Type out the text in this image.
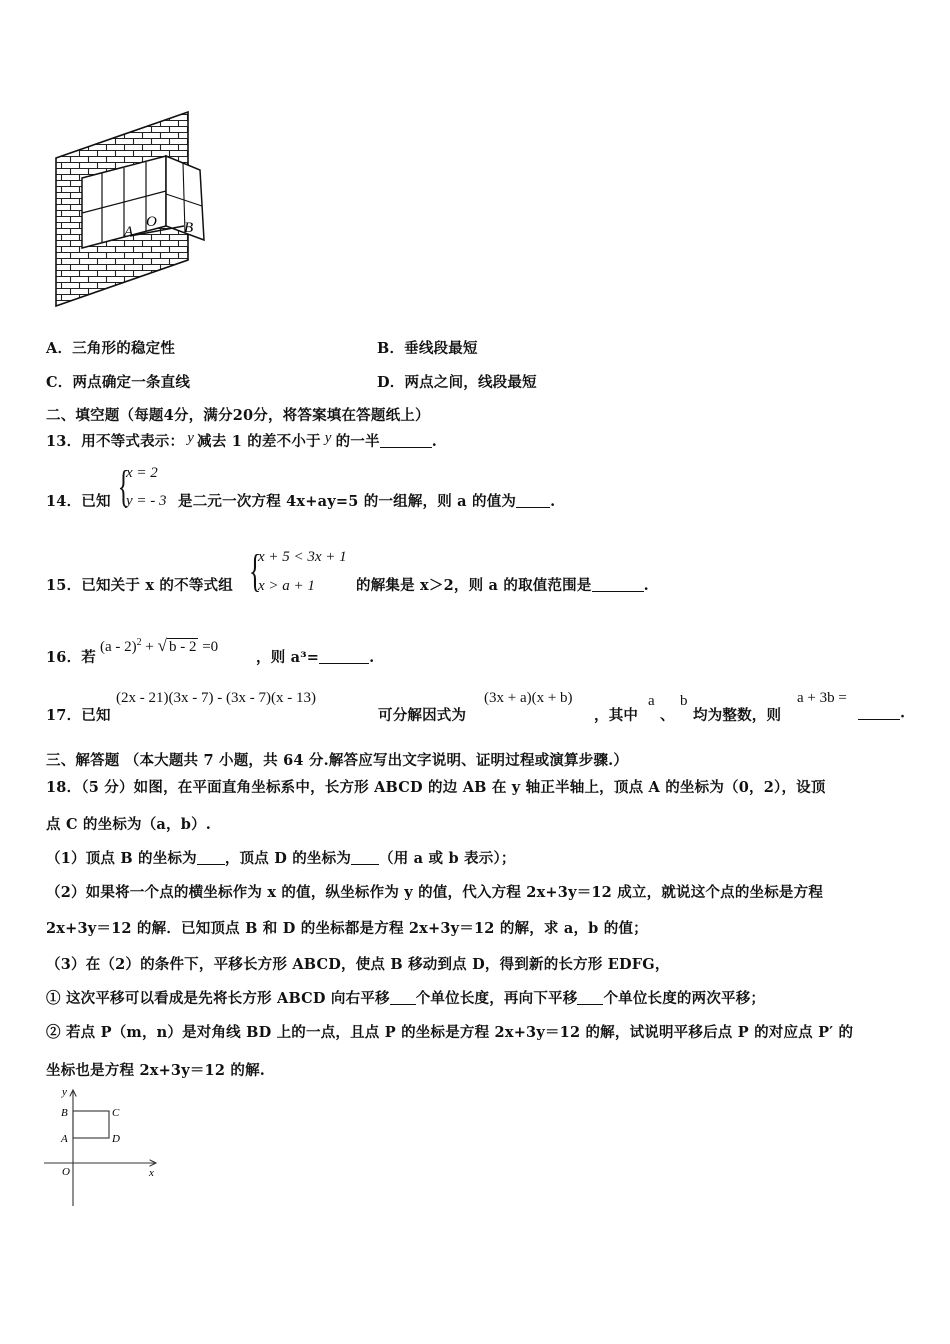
A
O B
A．三角形的稳定性	B．垂线段最短
C．两点确定一条直线	D．两点之间，线段最短
二、填空题（每题4分，满分20分，将答案填在答题纸上）
13．用不等式表示： y 减去 1 的差不小于 y 的一半	.
14．已知 {
x = 2
y = - 3 是二元一次方程 4x+ay=5 的一组解，则 a 的值为 .
15．已知关于 x 的不等式组 {
x + 5 < 3x + 1
x > a + 1	的解集是 x＞2，则 a 的取值范围是	.
16．若
(a - 2)$^2$ + √ b - 2 =0
，则 a³=	.
17．已知
(2x - 21)(3x - 7) - (3x - 7)(x - 13)
可分解因式为
(3x + a)(x + b)
，其中
a
、
b
均为整数，则
a + 3b =
.
三、解答题 （本大题共 7 小题，共 64 分.解答应写出文字说明、证明过程或演算步骤.）
18．（5 分）如图，在平面直角坐标系中，长方形 ABCD 的边 AB 在 y 轴正半轴上，顶点 A 的坐标为（0，2），设顶
点 C 的坐标为（a，b）.
（1）顶点 B 的坐标为 ，顶点 D 的坐标为 （用 a 或 b 表示）；
（2）如果将一个点的横坐标作为 x 的值，纵坐标作为 y 的值，代入方程 2x+3y＝12 成立，就说这个点的坐标是方程
2x+3y＝12 的解．已知顶点 B 和 D 的坐标都是方程 2x+3y＝12 的解，求 a，b 的值；
（3）在（2）的条件下，平移长方形 ABCD，使点 B 移动到点 D，得到新的长方形 EDFG，
① 这次平移可以看成是先将长方形 ABCD 向右平移 个单位长度，再向下平移 个单位长度的两次平移；
② 若点 P（m，n）是对角线 BD 上的一点，且点 P 的坐标是方程 2x+3y＝12 的解，试说明平移后点 P 的对应点 P′ 的
坐标也是方程 2x+3y＝12 的解.
y
x
O
B
A
C
D
